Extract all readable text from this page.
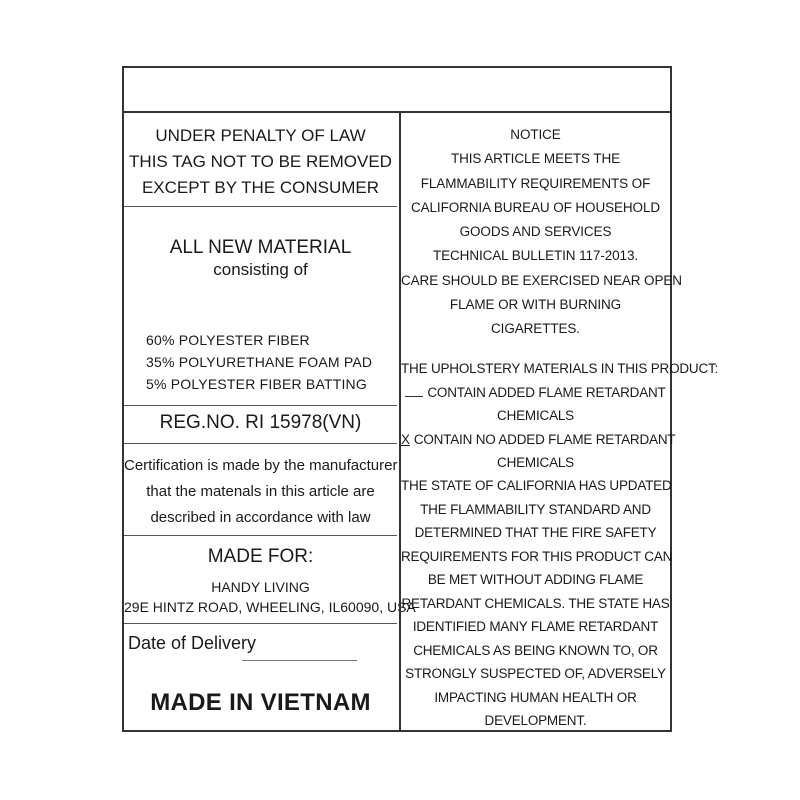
UNDER PENALTY OF LAW
THIS TAG NOT TO BE REMOVED
EXCEPT BY THE CONSUMER
ALL NEW MATERIAL
consisting of
60% POLYESTER FIBER
35% POLYURETHANE FOAM PAD
5% POLYESTER FIBER BATTING
REG.NO. RI 15978(VN)
Certification is made by the manufacturer
that the matenals in this article are
described in accordance with law
MADE FOR:
HANDY LIVING
29E HINTZ ROAD, WHEELING, IL60090, USA
Date of Delivery
MADE IN VIETNAM
NOTICE
THIS ARTICLE MEETS THE
FLAMMABILITY REQUIREMENTS OF
CALIFORNIA BUREAU OF HOUSEHOLD
GOODS AND SERVICES
TECHNICAL BULLETIN 117-2013.
CARE SHOULD BE EXERCISED NEAR OPEN
FLAME OR WITH BURNING
CIGARETTES.
THE UPHOLSTERY MATERIALS IN THIS PRODUCT:
CONTAIN ADDED FLAME RETARDANT
CHEMICALS
X CONTAIN NO ADDED FLAME RETARDANT
CHEMICALS
THE STATE OF CALIFORNIA HAS UPDATED
THE FLAMMABILITY STANDARD AND
DETERMINED THAT THE FIRE SAFETY
REQUIREMENTS FOR THIS PRODUCT CAN
BE MET WITHOUT ADDING FLAME
RETARDANT CHEMICALS. THE STATE HAS
IDENTIFIED MANY FLAME RETARDANT
CHEMICALS AS BEING KNOWN TO, OR
STRONGLY SUSPECTED OF, ADVERSELY
IMPACTING HUMAN HEALTH OR
DEVELOPMENT.
